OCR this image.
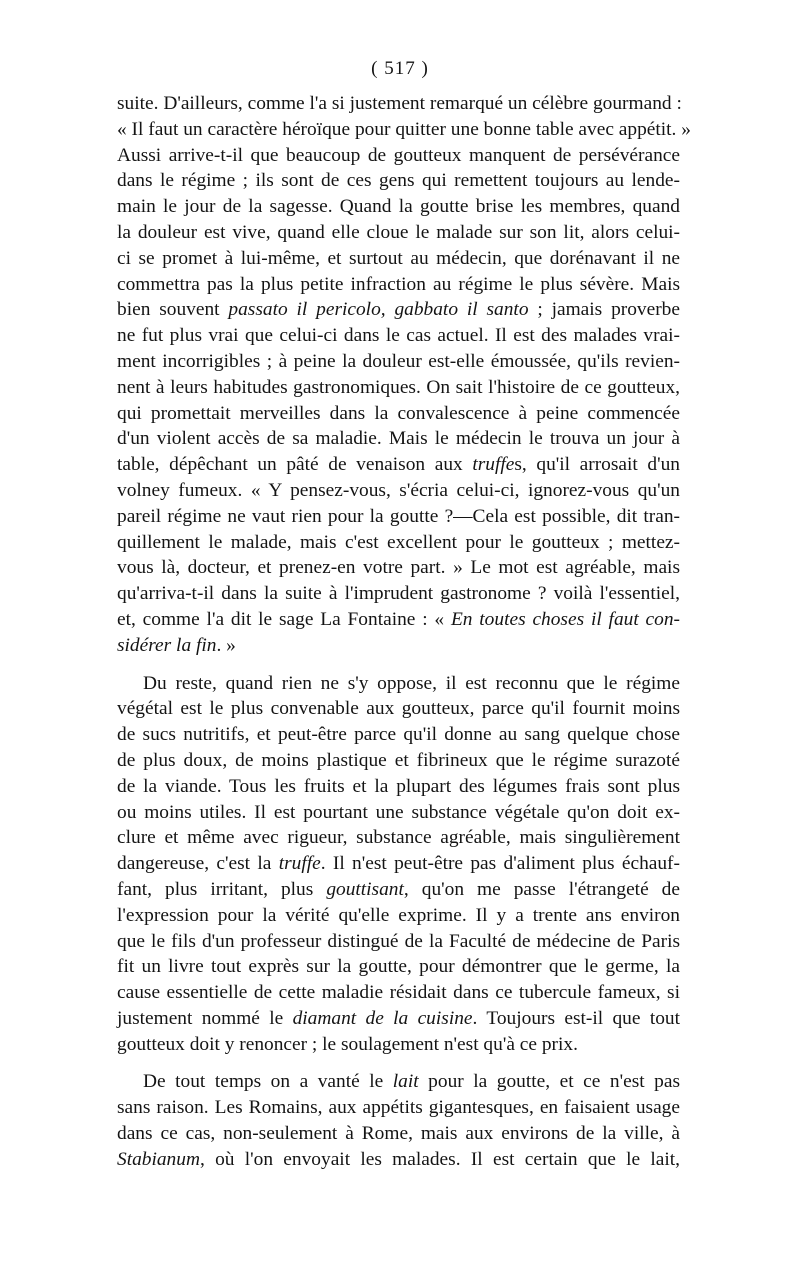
( 517 )
suite. D'ailleurs, comme l'a si justement remarqué un célèbre gourmand :
« Il faut un caractère héroïque pour quitter une bonne table avec appétit. »
Aussi arrive-t-il que beaucoup de goutteux manquent de persévérance
dans le régime ; ils sont de ces gens qui remettent toujours au lende-
main le jour de la sagesse. Quand la goutte brise les membres, quand
la douleur est vive, quand elle cloue le malade sur son lit, alors celui-
ci se promet à lui-même, et surtout au médecin, que dorénavant il ne
commettra pas la plus petite infraction au régime le plus sévère. Mais
bien souvent passato il pericolo, gabbato il santo ; jamais proverbe
ne fut plus vrai que celui-ci dans le cas actuel. Il est des malades vrai-
ment incorrigibles ; à peine la douleur est-elle émoussée, qu'ils revien-
nent à leurs habitudes gastronomiques. On sait l'histoire de ce goutteux,
qui promettait merveilles dans la convalescence à peine commencée
d'un violent accès de sa maladie. Mais le médecin le trouva un jour à
table, dépêchant un pâté de venaison aux truffes, qu'il arrosait d'un
volney fumeux. « Y pensez-vous, s'écria celui-ci, ignorez-vous qu'un
pareil régime ne vaut rien pour la goutte ?—Cela est possible, dit tran-
quillement le malade, mais c'est excellent pour le goutteux ; mettez-
vous là, docteur, et prenez-en votre part. » Le mot est agréable, mais
qu'arriva-t-il dans la suite à l'imprudent gastronome ? voilà l'essentiel,
et, comme l'a dit le sage La Fontaine : « En toutes choses il faut con-
sidérer la fin. »
Du reste, quand rien ne s'y oppose, il est reconnu que le régime
végétal est le plus convenable aux goutteux, parce qu'il fournit moins
de sucs nutritifs, et peut-être parce qu'il donne au sang quelque chose
de plus doux, de moins plastique et fibrineux que le régime surazoté
de la viande. Tous les fruits et la plupart des légumes frais sont plus
ou moins utiles. Il est pourtant une substance végétale qu'on doit ex-
clure et même avec rigueur, substance agréable, mais singulièrement
dangereuse, c'est la truffe. Il n'est peut-être pas d'aliment plus échauf-
fant, plus irritant, plus gouttisant, qu'on me passe l'étrangeté de
l'expression pour la vérité qu'elle exprime. Il y a trente ans environ
que le fils d'un professeur distingué de la Faculté de médecine de Paris
fit un livre tout exprès sur la goutte, pour démontrer que le germe, la
cause essentielle de cette maladie résidait dans ce tubercule fameux, si
justement nommé le diamant de la cuisine. Toujours est-il que tout
goutteux doit y renoncer ; le soulagement n'est qu'à ce prix.
De tout temps on a vanté le lait pour la goutte, et ce n'est pas
sans raison. Les Romains, aux appétits gigantesques, en faisaient usage
dans ce cas, non-seulement à Rome, mais aux environs de la ville, à
Stabianum, où l'on envoyait les malades. Il est certain que le lait,
